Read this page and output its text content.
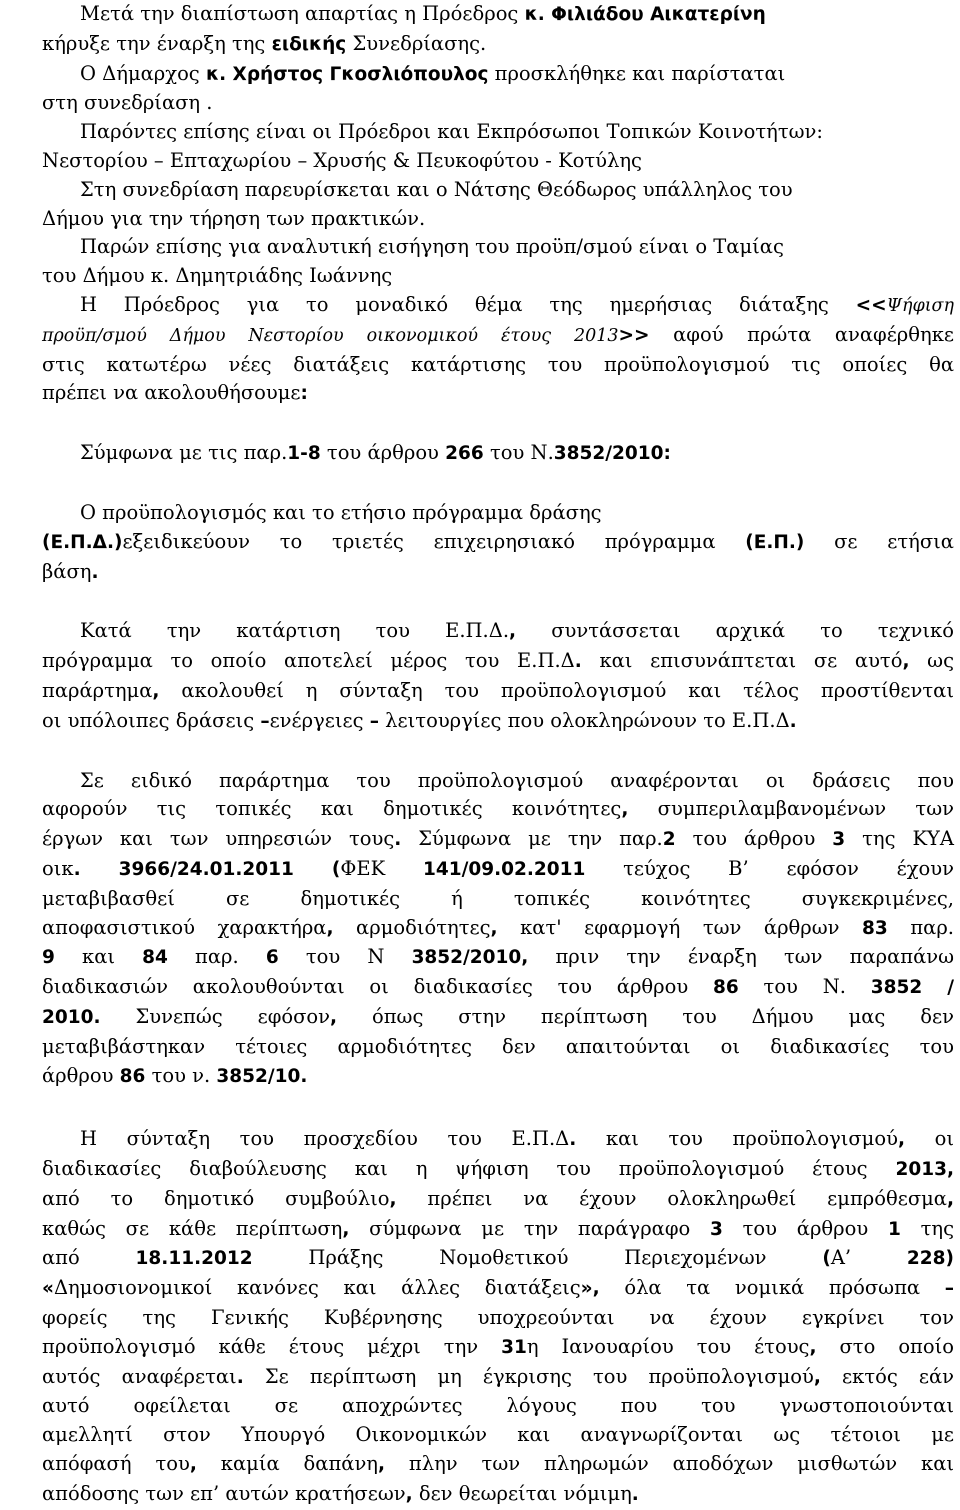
Μετά την διαπίστωση απαρτίας η Πρόεδρος κ. Φιλιάδου Αικατερίνη

κήρυξε την έναρξη της ειδικής Συνεδρίασης.

Ο Δήμαρχος κ. Χρήστος Γκοσλιόπουλος προσκλήθηκε και παρίσταται

στη συνεδρίαση .

Παρόντες επίσης είναι οι Πρόεδροι και Εκπρόσωποι Τοπικών Κοινοτήτων:

Νεστορίου – Επταχωρίου – Χρυσής & Πευκοφύτου - Κοτύλης

Στη συνεδρίαση παρευρίσκεται και ο Νάτσης Θεόδωρος υπάλληλος του

Δήμου για την τήρηση των πρακτικών.

Παρών επίσης για αναλυτική εισήγηση του προϋπ/σμού είναι ο Ταμίας

του Δήμου κ. Δημητριάδης Ιωάννης

Η Πρόεδρος για το μοναδικό θέμα της ημερήσιας διάταξης <<Ψήφιση

προϋπ/σμού Δήμου Νεστορίου οικονομικού έτους 2013>> αφού πρώτα αναφέρθηκε

στις κατωτέρω νέες διατάξεις κατάρτισης του προϋπολογισμού τις οποίες θα

πρέπει να ακολουθήσουμε:

Σύμφωνα με τις παρ.1-8 του άρθρου 266 του Ν.3852/2010:

Ο προϋπολογισμός και το ετήσιο πρόγραμμα δράσης

(Ε.Π.Δ.)εξειδικεύουν το τριετές επιχειρησιακό πρόγραμμα (Ε.Π.) σε ετήσια

βάση.

Κατά την κατάρτιση του Ε.Π.Δ., συντάσσεται αρχικά το τεχνικό

πρόγραμμα το οποίο αποτελεί μέρος του Ε.Π.Δ. και επισυνάπτεται σε αυτό, ως

παράρτημα, ακολουθεί η σύνταξη του προϋπολογισμού και τέλος προστίθενται

οι υπόλοιπες δράσεις –ενέργειες – λειτουργίες που ολοκληρώνουν το Ε.Π.Δ.

Σε ειδικό παράρτημα του προϋπολογισμού αναφέρονται οι δράσεις που

αφορούν τις τοπικές και δημοτικές κοινότητες, συμπεριλαμβανομένων των

έργων και των υπηρεσιών τους. Σύμφωνα με την παρ.2 του άρθρου 3 της ΚΥΑ

οικ. 3966/24.01.2011 (ΦΕΚ 141/09.02.2011 τεύχος Β’ εφόσον έχουν

μεταβιβασθεί σε δημοτικές ή τοπικές κοινότητες συγκεκριμένες,

αποφασιστικού χαρακτήρα, αρμοδιότητες, κατ' εφαρμογή των άρθρων 83 παρ.

9 και 84 παρ. 6 του Ν 3852/2010, πριν την έναρξη των παραπάνω

διαδικασιών ακολουθούνται οι διαδικασίες του άρθρου 86 του Ν. 3852 /

2010. Συνεπώς εφόσον, όπως στην περίπτωση του Δήμου μας δεν

μεταβιβάστηκαν τέτοιες αρμοδιότητες δεν απαιτούνται οι διαδικασίες του

άρθρου 86 του ν. 3852/10.

Η σύνταξη του προσχεδίου του Ε.Π.Δ. και του προϋπολογισμού, οι

διαδικασίες διαβούλευσης και η ψήφιση του προϋπολογισμού έτους 2013,

από το δημοτικό συμβούλιο, πρέπει να έχουν ολοκληρωθεί εμπρόθεσμα,

καθώς σε κάθε περίπτωση, σύμφωνα με την παράγραφο 3 του άρθρου 1 της

από 18.11.2012 Πράξης Νομοθετικού Περιεχομένων (Α’ 228)

«Δημοσιονομικοί κανόνες και άλλες διατάξεις», όλα τα νομικά πρόσωπα –

φορείς της Γενικής Κυβέρνησης υποχρεούνται να έχουν εγκρίνει τον

προϋπολογισμό κάθε έτους μέχρι την 31η Ιανουαρίου του έτους, στο οποίο

αυτός αναφέρεται. Σε περίπτωση μη έγκρισης του προϋπολογισμού, εκτός εάν

αυτό οφείλεται σε αποχρώντες λόγους που του γνωστοποιούνται

αμελλητί στον Υπουργό Οικονομικών και αναγνωρίζονται ως τέτοιοι με

απόφασή του, καμία δαπάνη, πλην των πληρωμών αποδόχων μισθωτών και

απόδοσης των επ’ αυτών κρατήσεων, δεν θεωρείται νόμιμη.
